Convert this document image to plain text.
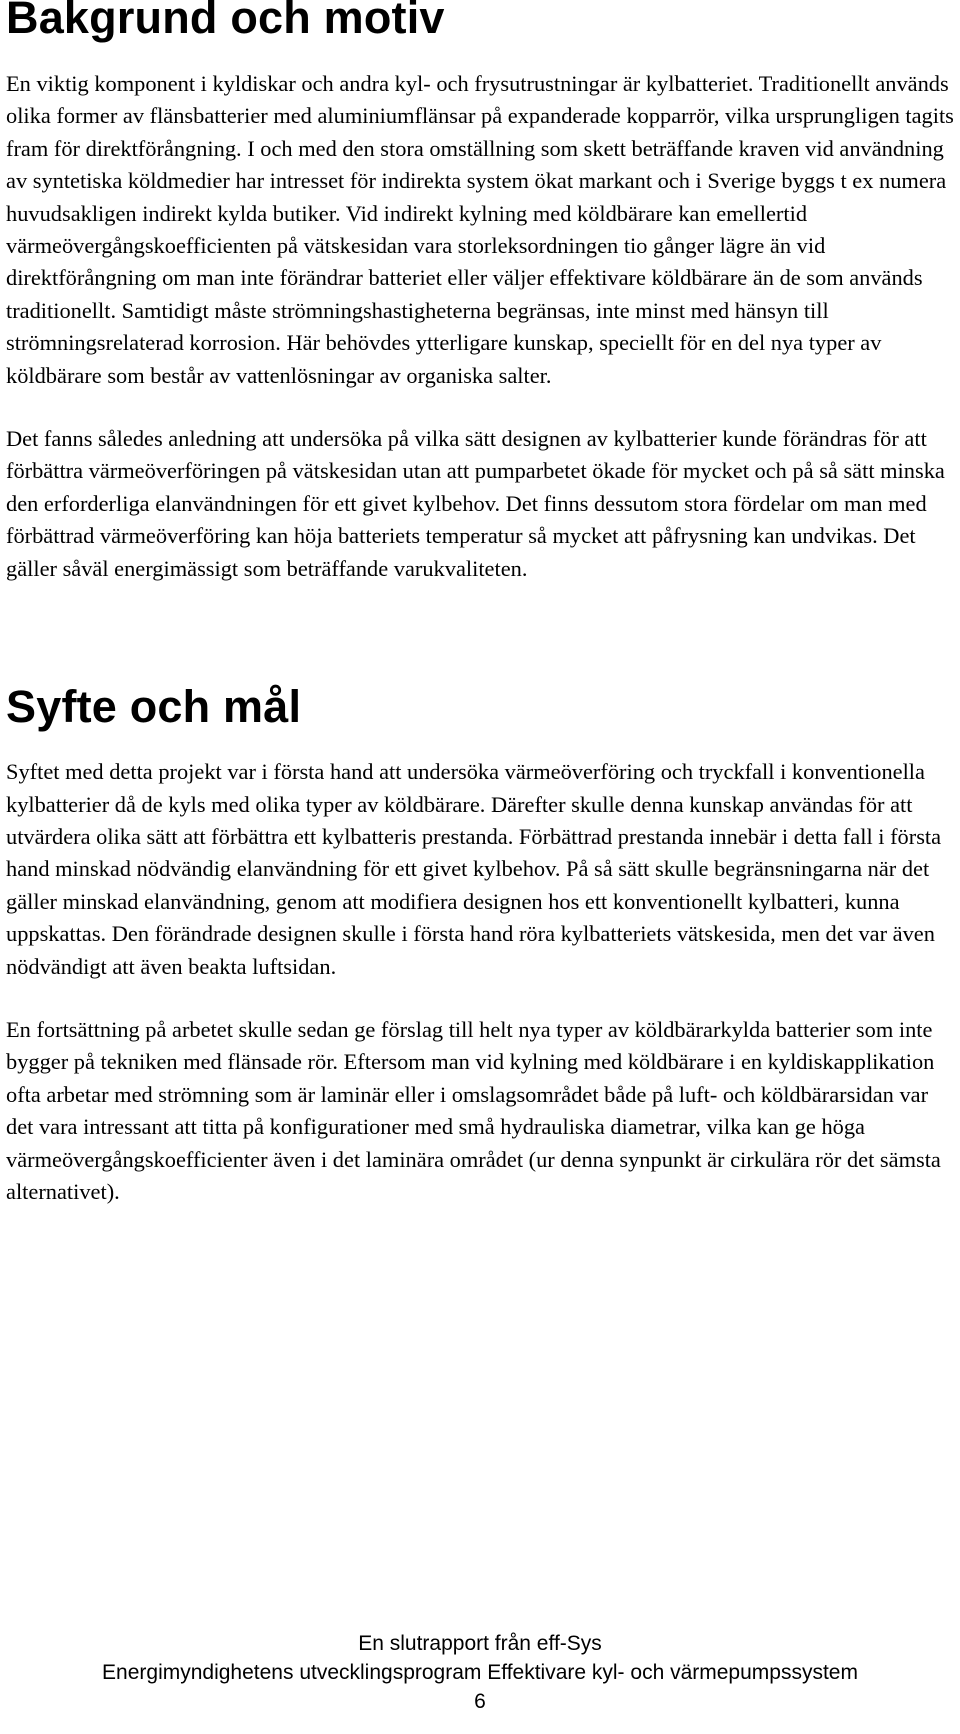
Bakgrund och motiv

En viktig komponent i kyldiskar och andra kyl- och frysutrustningar är kylbatteriet. Traditionellt används olika former av flänsbatterier med aluminiumflänsar på expanderade kopparrör, vilka ursprungligen tagits fram för direktförångning. I och med den stora omställning som skett beträffande kraven vid användning av syntetiska köldmedier har intresset för indirekta system ökat markant och i Sverige byggs t ex numera huvudsakligen indirekt kylda butiker. Vid indirekt kylning med köldbärare kan emellertid värmeövergångskoefficienten på vätskesidan vara storleksordningen tio gånger lägre än vid direktförångning om man inte förändrar batteriet eller väljer effektivare köldbärare än de som används traditionellt. Samtidigt måste strömningshastigheterna begränsas, inte minst med hänsyn till strömningsrelaterad korrosion. Här behövdes ytterligare kunskap, speciellt för en del nya typer av köldbärare som består av vattenlösningar av organiska salter.

Det fanns således anledning att undersöka på vilka sätt designen av kylbatterier kunde förändras för att förbättra värmeöverföringen på vätskesidan utan att pumparbetet ökade för mycket och på så sätt minska den erforderliga elanvändningen för ett givet kylbehov. Det finns dessutom stora fördelar om man med förbättrad värmeöverföring kan höja batteriets temperatur så mycket att påfrysning kan undvikas. Det gäller såväl energimässigt som beträffande varukvaliteten.

Syfte och mål

Syftet med detta projekt var i första hand att undersöka värmeöverföring och tryckfall i konventionella kylbatterier då de kyls med olika typer av köldbärare. Därefter skulle denna kunskap användas för att utvärdera olika sätt att förbättra ett kylbatteris prestanda. Förbättrad prestanda innebär i detta fall i första hand minskad nödvändig elanvändning för ett givet kylbehov. På så sätt skulle begränsningarna när det gäller minskad elanvändning, genom att modifiera designen hos ett konventionellt kylbatteri, kunna uppskattas. Den förändrade designen skulle i första hand röra kylbatteriets vätskesida, men det var även nödvändigt att även beakta luftsidan.

En fortsättning på arbetet skulle sedan ge förslag till helt nya typer av köldbärarkylda batterier som inte bygger på tekniken med flänsade rör. Eftersom man vid kylning med köldbärare i en kyldiskapplikation ofta arbetar med strömning som är laminär eller i omslagsområdet både på luft- och köldbärarsidan var det vara intressant att titta på konfigurationer med små hydrauliska diametrar, vilka kan ge höga värmeövergångskoefficienter även i det laminära området (ur denna synpunkt är cirkulära rör det sämsta alternativet).

En slutrapport från eff-Sys
Energimyndighetens utvecklingsprogram Effektivare kyl- och värmepumpssystem
6
